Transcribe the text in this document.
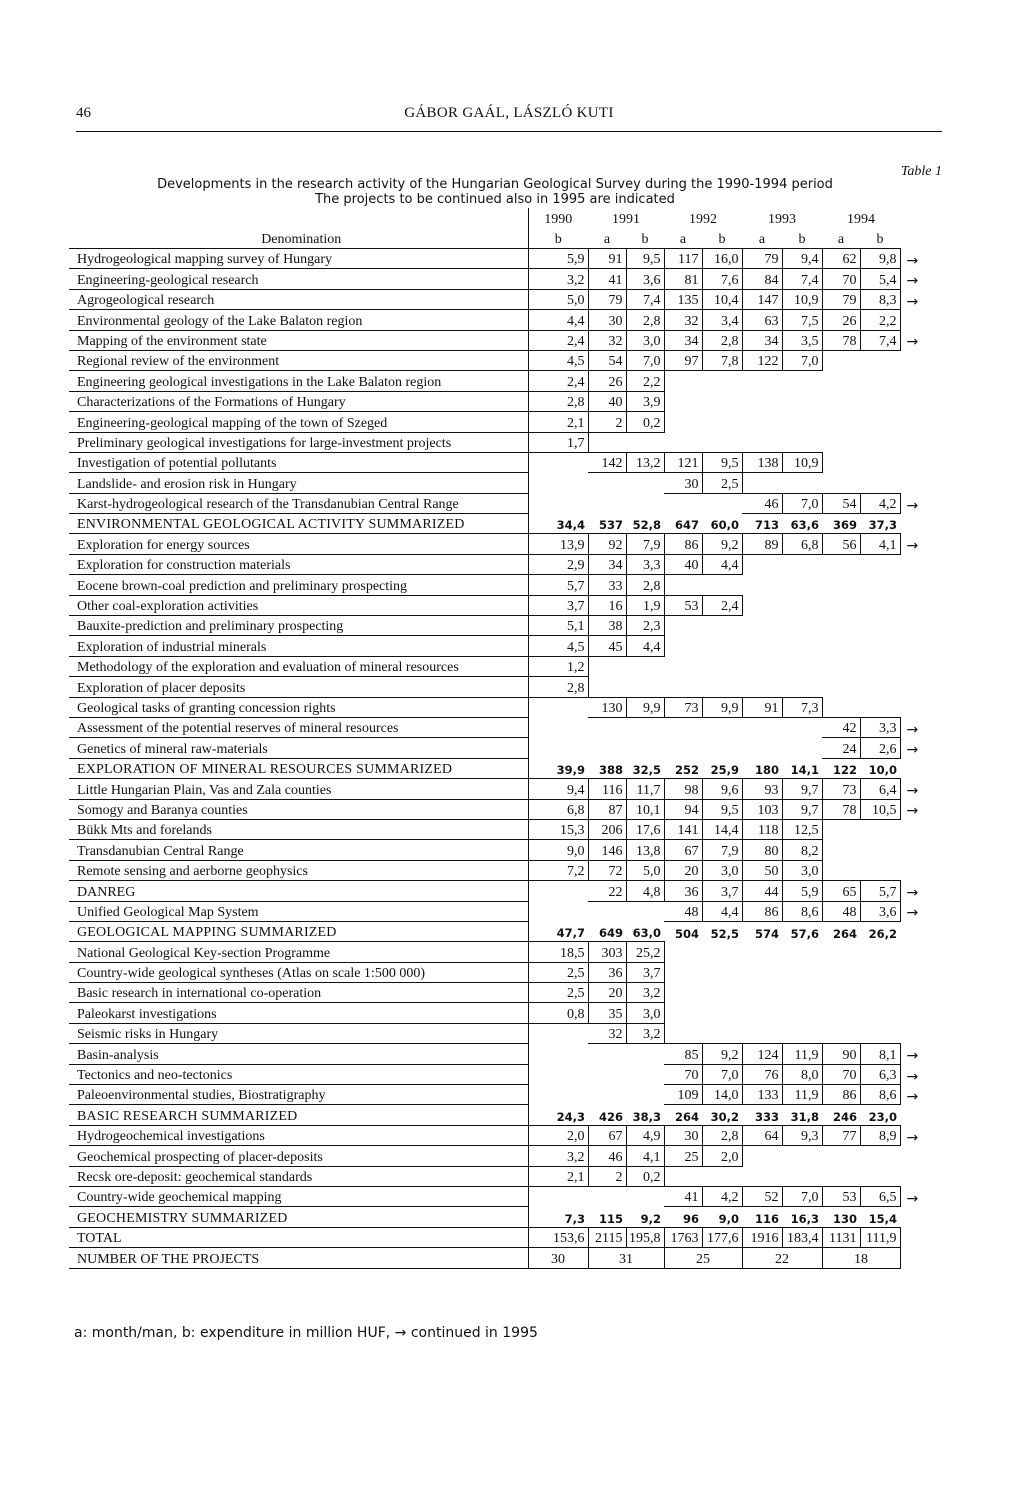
46	GÁBOR GAÁL, LÁSZLÓ KUTI
Table 1
Developments in the research activity of the Hungarian Geological Survey during the 1990-1994 period
The projects to be continued also in 1995 are indicated
Denomination	1990	1991		1992		1993		1994		
	b	a	b	a	b	a	b	a	b	
Hydrogeological mapping survey of Hungary	5,9	91	9,5	117	16,0	79	9,4	62	9,8	→
Engineering-geological research	3,2	41	3,6	81	7,6	84	7,4	70	5,4	→
Agrogeological research	5,0	79	7,4	135	10,4	147	10,9	79	8,3	→
Environmental geology of the Lake Balaton region	4,4	30	2,8	32	3,4	63	7,5	26	2,2	
Mapping of the environment state	2,4	32	3,0	34	2,8	34	3,5	78	7,4	→
Regional review of the environment	4,5	54	7,0	97	7,8	122	7,0			
Engineering geological investigations in the Lake Balaton region	2,4	26	2,2							
Characterizations of the Formations of Hungary	2,8	40	3,9							
Engineering-geological mapping of the town of Szeged	2,1	2	0,2							
Preliminary geological investigations for large-investment projects	1,7									
Investigation of potential pollutants		142	13,2	121	9,5	138	10,9			
Landslide- and erosion risk in Hungary				30	2,5					
Karst-hydrogeological research of the Transdanubian Central Range						46	7,0	54	4,2	→
ENVIRONMENTAL GEOLOGICAL ACTIVITY SUMMARIZED	34,4	537	52,8	647	60,0	713	63,6	369	37,3	
Exploration for energy sources	13,9	92	7,9	86	9,2	89	6,8	56	4,1	→
Exploration for construction materials	2,9	34	3,3	40	4,4					
Eocene brown-coal prediction and preliminary prospecting	5,7	33	2,8							
Other coal-exploration activities	3,7	16	1,9	53	2,4					
Bauxite-prediction and preliminary prospecting	5,1	38	2,3							
Exploration of industrial minerals	4,5	45	4,4							
Methodology of the exploration and evaluation of mineral resources	1,2									
Exploration of placer deposits	2,8									
Geological tasks of granting concession rights		130	9,9	73	9,9	91	7,3			
Assessment of the potential reserves of mineral resources								42	3,3	→
Genetics of mineral raw-materials								24	2,6	→
EXPLORATION OF MINERAL RESOURCES SUMMARIZED	39,9	388	32,5	252	25,9	180	14,1	122	10,0	
Little Hungarian Plain, Vas and Zala counties	9,4	116	11,7	98	9,6	93	9,7	73	6,4	→
Somogy and Baranya counties	6,8	87	10,1	94	9,5	103	9,7	78	10,5	→
Bükk Mts and forelands	15,3	206	17,6	141	14,4	118	12,5			
Transdanubian Central Range	9,0	146	13,8	67	7,9	80	8,2			
Remote sensing and aerborne geophysics	7,2	72	5,0	20	3,0	50	3,0			
DANREG		22	4,8	36	3,7	44	5,9	65	5,7	→
Unified Geological Map System				48	4,4	86	8,6	48	3,6	→
GEOLOGICAL MAPPING SUMMARIZED	47,7	649	63,0	504	52,5	574	57,6	264	26,2	
National Geological Key-section Programme	18,5	303	25,2							
Country-wide geological syntheses (Atlas on scale 1:500 000)	2,5	36	3,7							
Basic research in international co-operation	2,5	20	3,2							
Paleokarst investigations	0,8	35	3,0							
Seismic risks in Hungary		32	3,2							
Basin-analysis				85	9,2	124	11,9	90	8,1	→
Tectonics and neo-tectonics				70	7,0	76	8,0	70	6,3	→
Paleoenvironmental studies, Biostratigraphy				109	14,0	133	11,9	86	8,6	→
BASIC RESEARCH SUMMARIZED	24,3	426	38,3	264	30,2	333	31,8	246	23,0	
Hydrogeochemical investigations	2,0	67	4,9	30	2,8	64	9,3	77	8,9	→
Geochemical prospecting of placer-deposits	3,2	46	4,1	25	2,0					
Recsk ore-deposit: geochemical standards	2,1	2	0,2							
Country-wide geochemical mapping				41	4,2	52	7,0	53	6,5	→
GEOCHEMISTRY SUMMARIZED	7,3	115	9,2	96	9,0	116	16,3	130	15,4	
TOTAL	153,6	2115	195,8	1763	177,6	1916	183,4	1131	111,9	
NUMBER OF THE PROJECTS	30	31		25		22		18		
a: month/man, b: expenditure in million HUF, → continued in 1995
